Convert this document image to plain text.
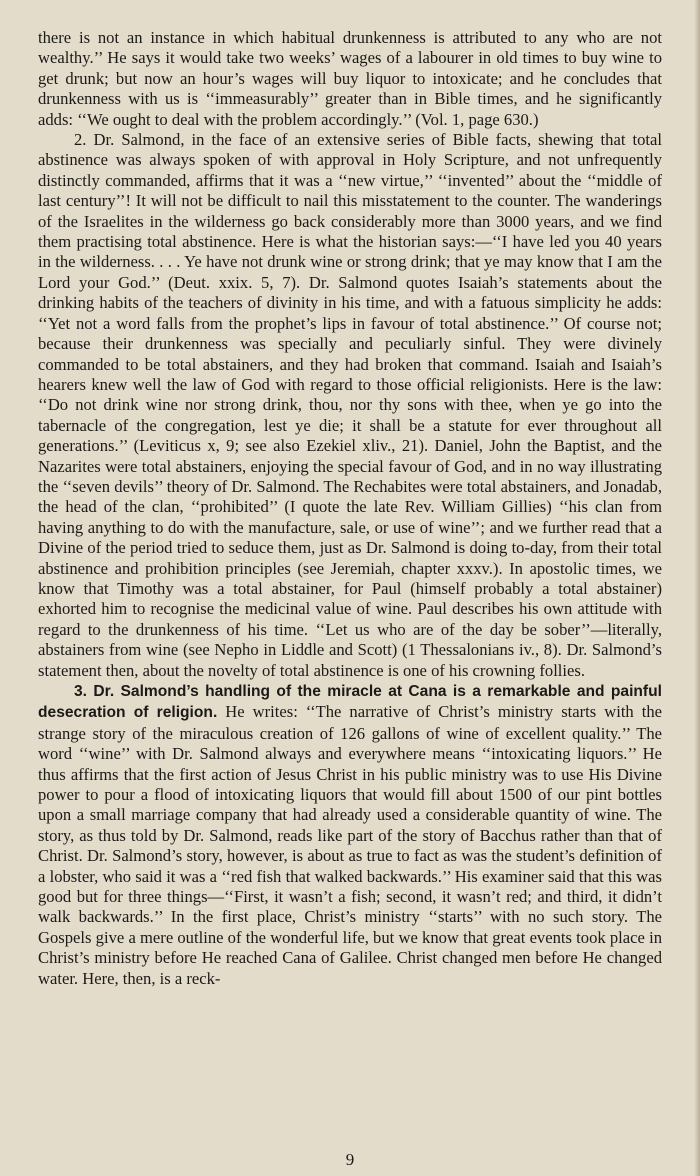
there is not an instance in which habitual drunkenness is attributed to any who are not wealthy.’’ He says it would take two weeks’ wages of a labourer in old times to buy wine to get drunk; but now an hour’s wages will buy liquor to intoxicate; and he concludes that drunkenness with us is ‘‘immeasurably’’ greater than in Bible times, and he significantly adds: ‘‘We ought to deal with the problem accordingly.’’ (Vol. 1, page 630.)

2. Dr. Salmond, in the face of an extensive series of Bible facts, shewing that total abstinence was always spoken of with approval in Holy Scripture, and not unfrequently distinctly commanded, affirms that it was a ‘‘new virtue,’’ ‘‘invented’’ about the ‘‘middle of last century’’! It will not be difficult to nail this misstatement to the counter. The wanderings of the Israelites in the wilderness go back considerably more than 3000 years, and we find them practising total abstinence. Here is what the historian says:—‘‘I have led you 40 years in the wilderness. . . . Ye have not drunk wine or strong drink; that ye may know that I am the Lord your God.’’ (Deut. xxix. 5, 7). Dr. Salmond quotes Isaiah’s statements about the drinking habits of the teachers of divinity in his time, and with a fatuous simplicity he adds: ‘‘Yet not a word falls from the prophet’s lips in favour of total abstinence.’’ Of course not; because their drunkenness was specially and peculiarly sinful. They were divinely commanded to be total abstainers, and they had broken that command. Isaiah and Isaiah’s hearers knew well the law of God with regard to those official religionists. Here is the law: ‘‘Do not drink wine nor strong drink, thou, nor thy sons with thee, when ye go into the tabernacle of the congregation, lest ye die; it shall be a statute for ever throughout all generations.’’ (Leviticus x, 9; see also Ezekiel xliv., 21). Daniel, John the Baptist, and the Nazarites were total abstainers, enjoying the special favour of God, and in no way illustrating the ‘‘seven devils’’ theory of Dr. Salmond. The Rechabites were total abstainers, and Jonadab, the head of the clan, ‘‘prohibited’’ (I quote the late Rev. William Gillies) ‘‘his clan from having anything to do with the manufacture, sale, or use of wine’’; and we further read that a Divine of the period tried to seduce them, just as Dr. Salmond is doing to-day, from their total abstinence and prohibition principles (see Jeremiah, chapter xxxv.). In apostolic times, we know that Timothy was a total abstainer, for Paul (himself probably a total abstainer) exhorted him to recognise the medicinal value of wine. Paul describes his own attitude with regard to the drunkenness of his time. ‘‘Let us who are of the day be sober’’—literally, abstainers from wine (see Nepho in Liddle and Scott) (1 Thessalonians iv., 8). Dr. Salmond’s statement then, about the novelty of total abstinence is one of his crowning follies.

3. Dr. Salmond’s handling of the miracle at Cana is a remarkable and painful desecration of religion. He writes: ‘‘The narrative of Christ’s ministry starts with the strange story of the miraculous creation of 126 gallons of wine of excellent quality.’’ The word ‘‘wine’’ with Dr. Salmond always and everywhere means ‘‘intoxicating liquors.’’ He thus affirms that the first action of Jesus Christ in his public ministry was to use His Divine power to pour a flood of intoxicating liquors that would fill about 1500 of our pint bottles upon a small marriage company that had already used a considerable quantity of wine. The story, as thus told by Dr. Salmond, reads like part of the story of Bacchus rather than that of Christ. Dr. Salmond’s story, however, is about as true to fact as was the student’s definition of a lobster, who said it was a ‘‘red fish that walked backwards.’’ His examiner said that this was good but for three things—‘‘First, it wasn’t a fish; second, it wasn’t red; and third, it didn’t walk backwards.’’ In the first place, Christ’s ministry ‘‘starts’’ with no such story. The Gospels give a mere outline of the wonderful life, but we know that great events took place in Christ’s ministry before He reached Cana of Galilee. Christ changed men before He changed water. Here, then, is a reck-

9
